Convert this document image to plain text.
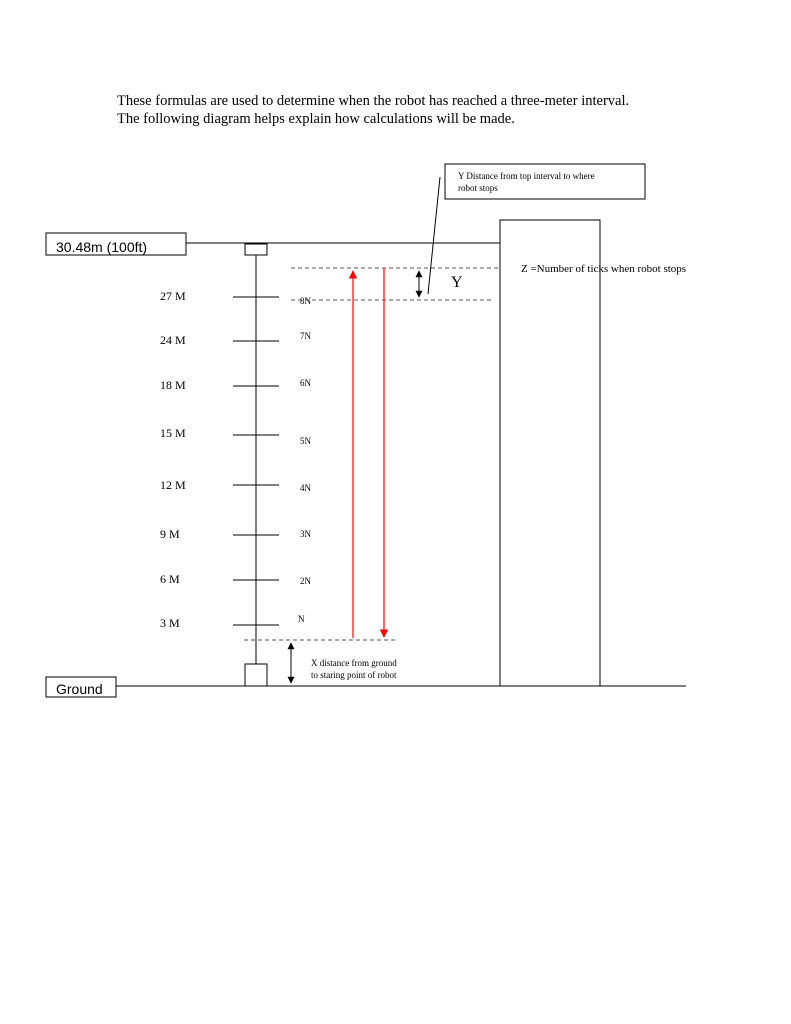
These formulas are used to determine when the robot has reached a three-meter interval.
The following diagram helps explain how calculations will be made.
30.48m (100ft)
Ground
27 M
24 M
18 M
15 M
12 M
9 M
6 M
3 M
8N
7N
6N
5N
4N
3N
2N
N
Y
X distance from ground
to staring point of robot
Y Distance from top interval to where
robot stops
Z =Number of ticks when robot stops
